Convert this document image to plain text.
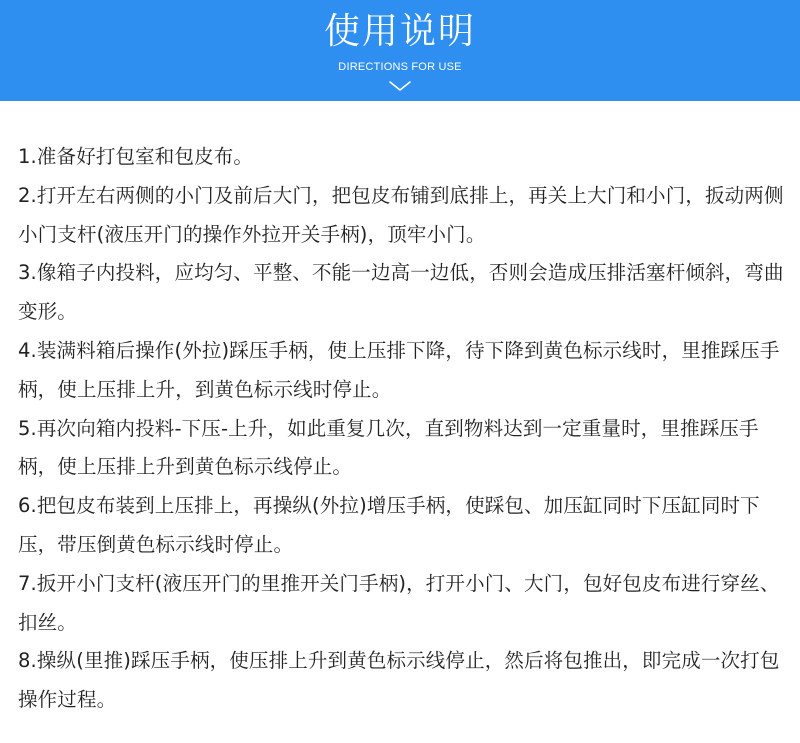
使用说明
DIRECTIONS FOR USE
1.准备好打包室和包皮布。
2.打开左右两侧的小门及前后大门，把包皮布铺到底排上，再关上大门和小门，扳动两侧小门支杆(液压开门的操作外拉开关手柄)，顶牢小门。
3.像箱子内投料，应均匀、平整、不能一边高一边低，否则会造成压排活塞杆倾斜，弯曲变形。
4.装满料箱后操作(外拉)踩压手柄，使上压排下降，待下降到黄色标示线时，里推踩压手柄，使上压排上升，到黄色标示线时停止。
5.再次向箱内投料-下压-上升，如此重复几次，直到物料达到一定重量时，里推踩压手柄，使上压排上升到黄色标示线停止。
6.把包皮布装到上压排上，再操纵(外拉)增压手柄，使踩包、加压缸同时下压缸同时下压，带压倒黄色标示线时停止。
7.扳开小门支杆(液压开门的里推开关门手柄)，打开小门、大门，包好包皮布进行穿丝、扣丝。
8.操纵(里推)踩压手柄，使压排上升到黄色标示线停止，然后将包推出，即完成一次打包操作过程。
